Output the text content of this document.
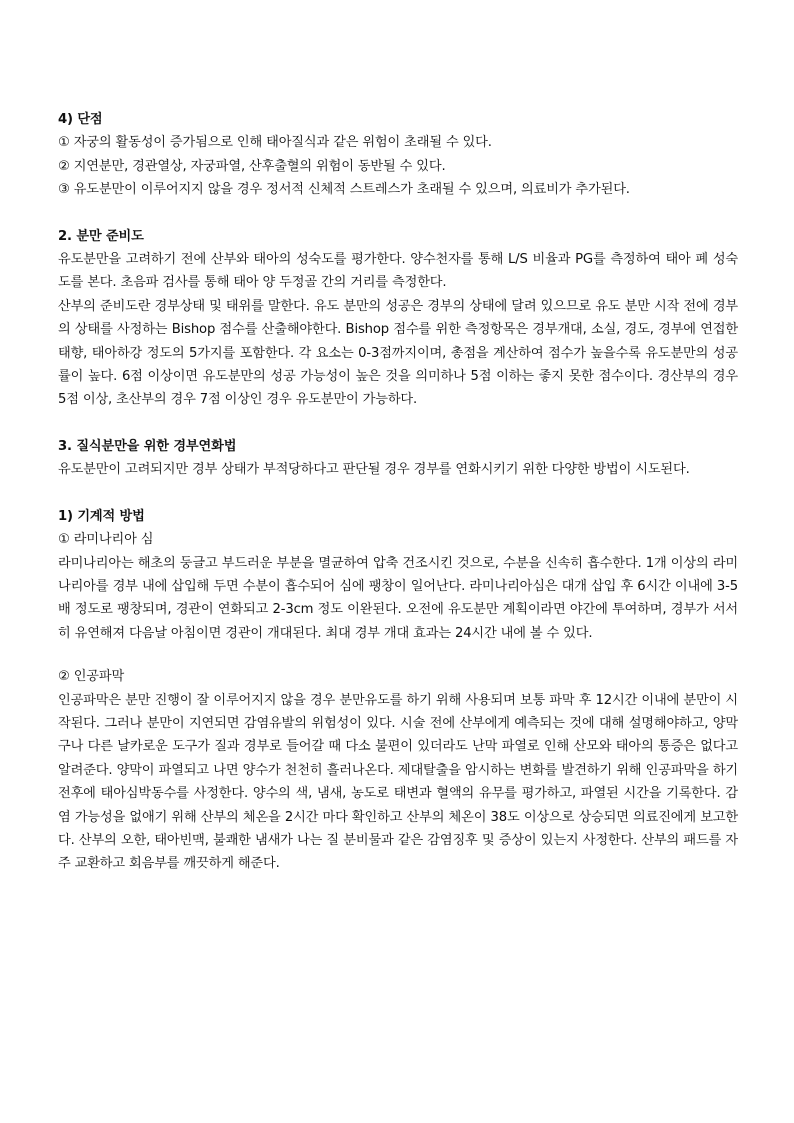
4) 단점

① 자궁의 활동성이 증가됨으로 인해 태아질식과 같은 위험이 초래될 수 있다.

② 지연분만, 경관열상, 자궁파열, 산후출혈의 위험이 동반될 수 있다.

③ 유도분만이 이루어지지 않을 경우 정서적 신체적 스트레스가 초래될 수 있으며, 의료비가 추가된다.

2. 분만 준비도

유도분만을 고려하기 전에 산부와 태아의 성숙도를 평가한다. 양수천자를 통해 L/S 비율과 PG를 측정하여 태아 폐 성숙도를 본다. 초음파 검사를 통해 태아 양 두정골 간의 거리를 측정한다.

산부의 준비도란 경부상태 및 태위를 말한다. 유도 분만의 성공은 경부의 상태에 달려 있으므로 유도 분만 시작 전에 경부의 상태를 사정하는 Bishop 점수를 산출해야한다. Bishop 점수를 위한 측정항목은 경부개대, 소실, 경도, 경부에 연접한 태향, 태아하강 정도의 5가지를 포함한다. 각 요소는 0-3점까지이며, 총점을 계산하여 점수가 높을수록 유도분만의 성공률이 높다. 6점 이상이면 유도분만의 성공 가능성이 높은 것을 의미하나 5점 이하는 좋지 못한 점수이다. 경산부의 경우 5점 이상, 초산부의 경우 7점 이상인 경우 유도분만이 가능하다.

3. 질식분만을 위한 경부연화법

유도분만이 고려되지만 경부 상태가 부적당하다고 판단될 경우 경부를 연화시키기 위한 다양한 방법이 시도된다.

1) 기계적 방법

① 라미나리아 심

라미나리아는 해초의 둥글고 부드러운 부분을 멸균하여 압축 건조시킨 것으로, 수분을 신속히 흡수한다. 1개 이상의 라미나리아를 경부 내에 삽입해 두면 수분이 흡수되어 심에 팽창이 일어난다. 라미나리아심은 대개 삽입 후 6시간 이내에 3-5배 정도로 팽창되며, 경관이 연화되고 2-3cm 정도 이완된다. 오전에 유도분만 계획이라면 야간에 투여하며, 경부가 서서히 유연해져 다음날 아침이면 경관이 개대된다. 최대 경부 개대 효과는 24시간 내에 볼 수 있다.

② 인공파막

인공파막은 분만 진행이 잘 이루어지지 않을 경우 분만유도를 하기 위해 사용되며 보통 파막 후 12시간 이내에 분만이 시작된다. 그러나 분만이 지연되면 감염유발의 위험성이 있다. 시술 전에 산부에게 예측되는 것에 대해 설명해야하고, 양막구나 다른 날카로운 도구가 질과 경부로 들어갈 때 다소 불편이 있더라도 난막 파열로 인해 산모와 태아의 통증은 없다고 알려준다. 양막이 파열되고 나면 양수가 천천히 흘러나온다. 제대탈출을 암시하는 변화를 발견하기 위해 인공파막을 하기 전후에 태아심박동수를 사정한다. 양수의 색, 냄새, 농도로 태변과 혈액의 유무를 평가하고, 파열된 시간을 기록한다. 감염 가능성을 없애기 위해 산부의 체온을 2시간 마다 확인하고 산부의 체온이 38도 이상으로 상승되면 의료진에게 보고한다. 산부의 오한, 태아빈맥, 불쾌한 냄새가 나는 질 분비물과 같은 감염징후 및 증상이 있는지 사정한다. 산부의 패드를 자주 교환하고 회음부를 깨끗하게 해준다.
